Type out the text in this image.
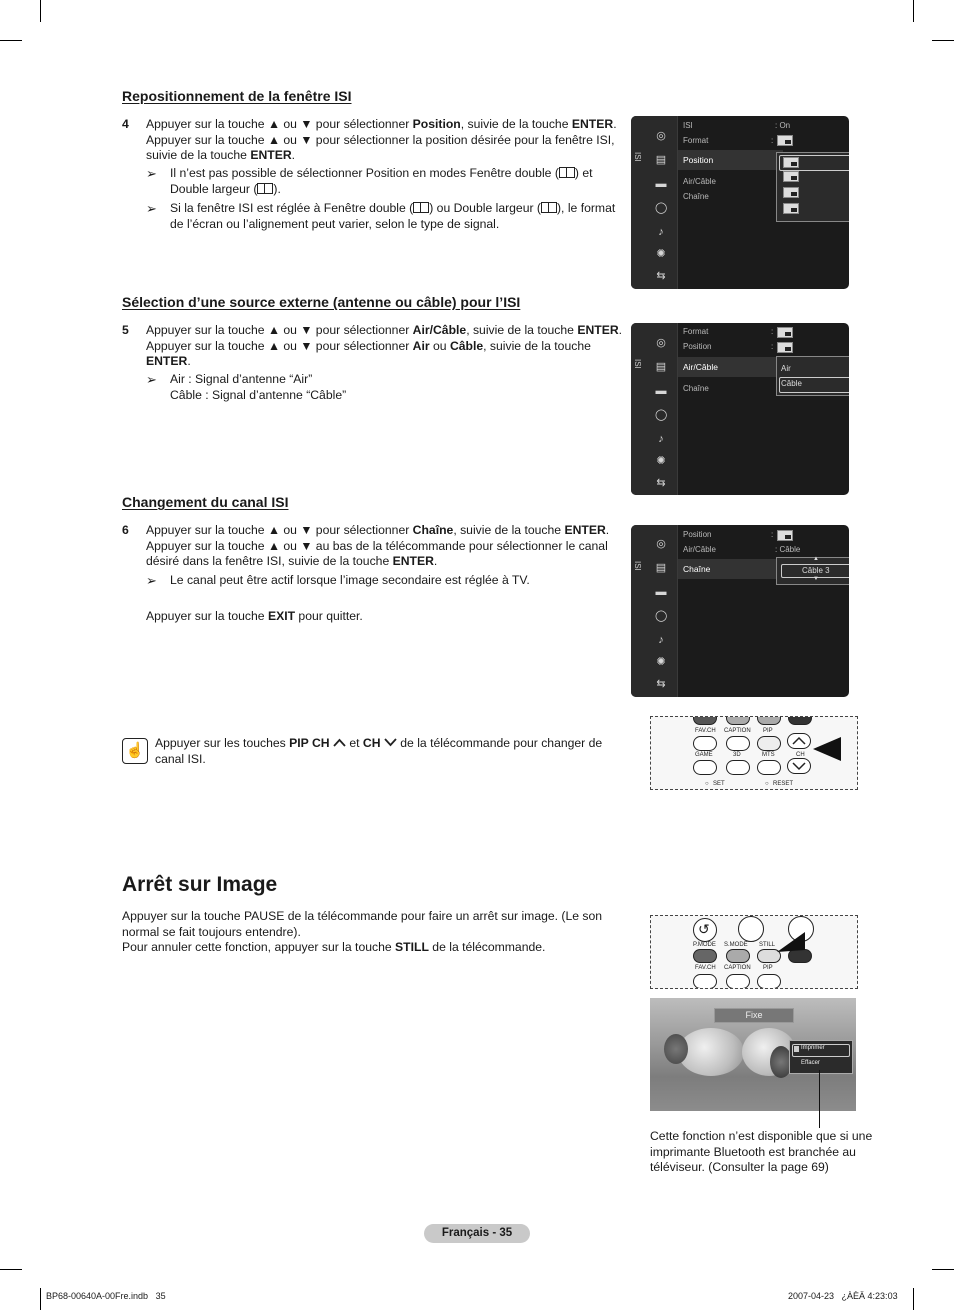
Repositionnement de la fenêtre ISI
4 Appuyer sur la touche ▲ ou ▼ pour sélectionner Position, suivie de la touche ENTER.
Appuyer sur la touche ▲ ou ▼ pour sélectionner la position désirée pour la fenêtre ISI,
suivie de la touche ENTER.
➢ Il n’est pas possible de sélectionner Position en modes Fenêtre double ( ) et
Double largeur ( ).
➢ Si la fenêtre ISI est réglée à Fenêtre double ( ) ou Double largeur ( ), le format
de l’écran ou l’alignement peut varier, selon le type de signal.
ISI
◎
▤
▬
◯
♪
✺
⇆
ISI	: On
Format	:
Position
Air/Câble
Chaîne
Sélection d’une source externe (antenne ou câble) pour l’ISI
5 Appuyer sur la touche ▲ ou ▼ pour sélectionner Air/Câble, suivie de la touche ENTER.
Appuyer sur la touche ▲ ou ▼ pour sélectionner Air ou Câble, suivie de la touche
ENTER.
➢ Air : Signal d’antenne “Air”
Câble : Signal d’antenne “Câble”
ISI
◎
▤
▬
◯
♪
✺
⇆
Format	:
Position	:
Air/Câble
Chaîne
Air
Câble
Changement du canal ISI
6 Appuyer sur la touche ▲ ou ▼ pour sélectionner Chaîne, suivie de la touche ENTER.
Appuyer sur la touche ▲ ou ▼ au bas de la télécommande pour sélectionner le canal
désiré dans la fenêtre ISI, suivie de la touche ENTER.
➢ Le canal peut être actif lorsque l’image secondaire est réglée à TV.
Appuyer sur la touche EXIT pour quitter.
ISI
◎
▤
▬
◯
♪
✺
⇆
Position	:
Air/Câble	: Câble
Chaîne
▲
Câble 3
▼
☝ Appuyer sur les touches PIP CH  et CH  de la télécommande pour changer de
canal ISI.
FAV.CH CAPTION PIP
GAME	3D	MTS	CH
○ SET	○ RESET
Arrêt sur Image
Appuyer sur la touche PAUSE de la télécommande pour faire un arrêt sur image. (Le son
normal se fait toujours entendre).
Pour annuler cette fonction, appuyer sur la touche STILL de la télécommande.
↺
P.MODE S.MODE STILL
FAV.CH CAPTION PIP
Fixe
Imprimer
Effacer
Cette fonction n’est disponible que si une
imprimante Bluetooth est branchée au
téléviseur. (Consulter la page 69)
Français - 35
BP68-00640A-00Fre.indb   35	2007-04-23   ¿ÀÈÄ 4:23:03
